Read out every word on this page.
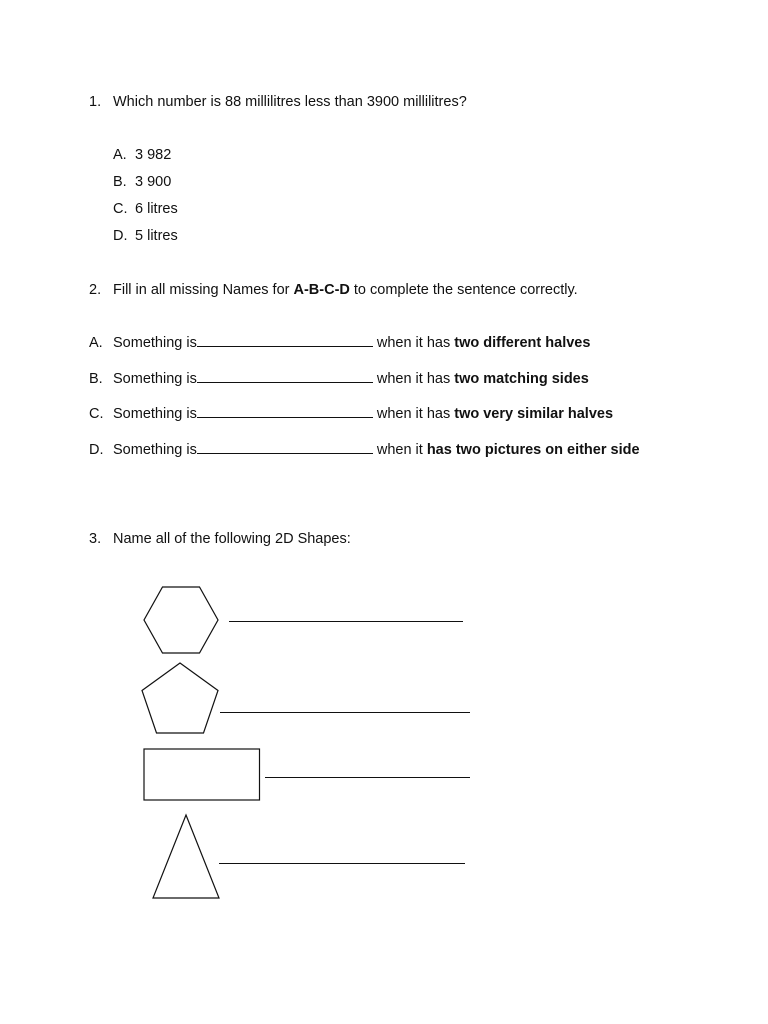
1. Which number is 88 millilitres less than 3900 millilitres?
A. 3 982
B. 3 900
C. 6 litres
D. 5 litres
2. Fill in all missing Names for A-B-C-D to complete the sentence correctly.
A. Something is	when it has two different halves
B. Something is	when it has two matching sides
C. Something is	when it has two very similar halves
D. Something is	when it has two pictures on either side
3. Name all of the following 2D Shapes:
